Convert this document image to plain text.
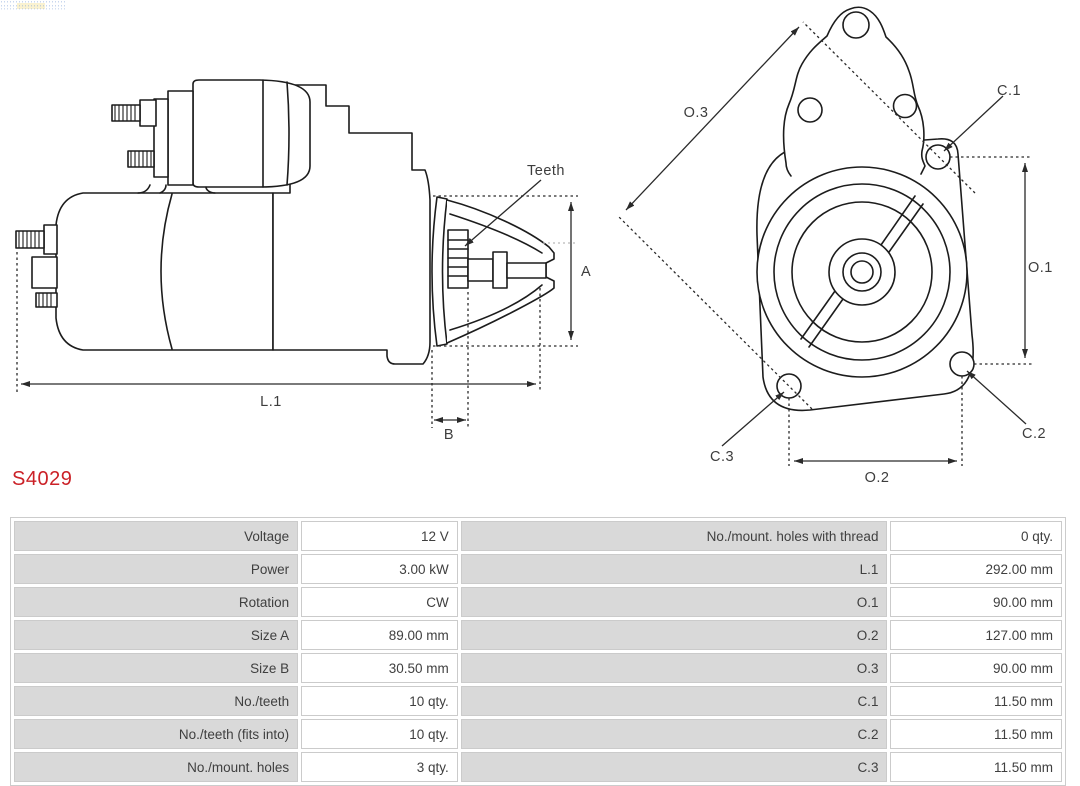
Teeth
A
L.1
B
O.3
C.1
O.1
C.3
C.2
O.2
S4029
Voltage	12 V	No./mount. holes with thread	0 qty.
Power	3.00 kW	L.1	292.00 mm
Rotation	CW	O.1	90.00 mm
Size A	89.00 mm	O.2	127.00 mm
Size B	30.50 mm	O.3	90.00 mm
No./teeth	10 qty.	C.1	11.50 mm
No./teeth (fits into)	10 qty.	C.2	11.50 mm
No./mount. holes	3 qty.	C.3	11.50 mm
